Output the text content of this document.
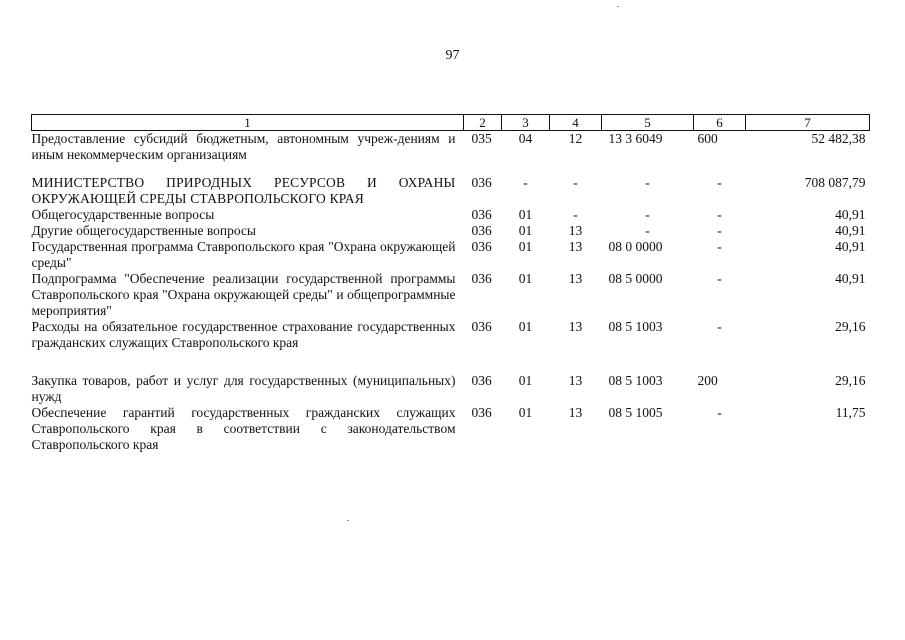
97
1	2	3	4	5	6	7
Предоставление субсидий бюджетным, автономным учреж-дениям и иным некоммерческим организациям	035	04	12	13 3 6049	600	52 482,38
МИНИСТЕРСТВО ПРИРОДНЫХ РЕСУРСОВ И ОХРАНЫ ОКРУЖАЮЩЕЙ СРЕДЫ СТАВРОПОЛЬСКОГО КРАЯ	036	-	-	-	-	708 087,79
Общегосударственные вопросы	036	01	-	-	-	40,91
Другие общегосударственные вопросы	036	01	13	-	-	40,91
Государственная программа Ставропольского края "Охрана окружающей среды"	036	01	13	08 0 0000	-	40,91
Подпрограмма "Обеспечение реализации государственной программы Ставропольского края "Охрана окружающей среды" и общепрограммные мероприятия"	036	01	13	08 5 0000	-	40,91
Расходы на обязательное государственное страхование государственных гражданских служащих Ставропольского края	036	01	13	08 5 1003	-	29,16
Закупка товаров, работ и услуг для государственных (муниципальных) нужд	036	01	13	08 5 1003	200	29,16
Обеспечение гарантий государственных гражданских служащих Ставропольского края в соответствии с законодательством Ставропольского края	036	01	13	08 5 1005	-	11,75
